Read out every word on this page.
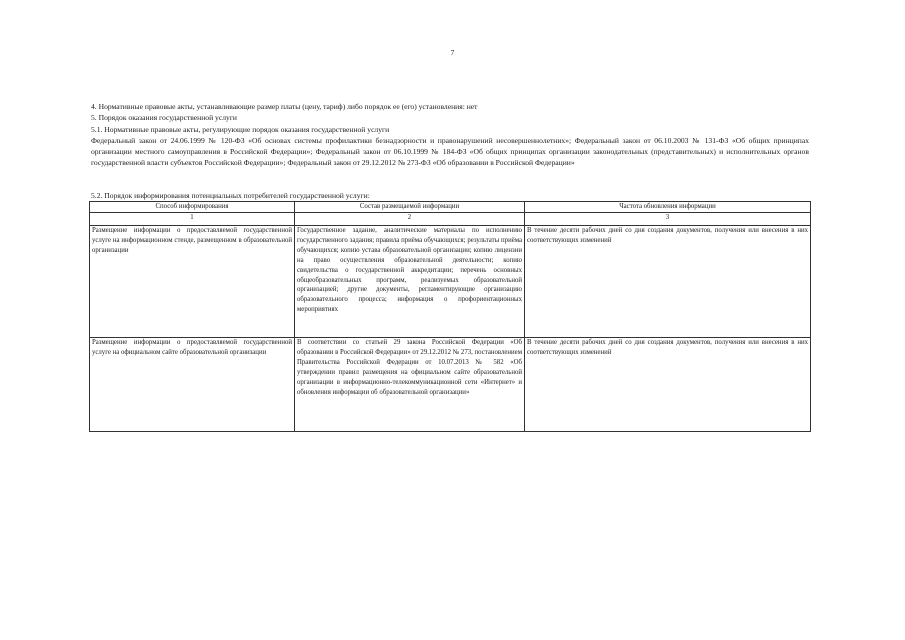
7

4. Нормативные правовые акты, устанавливающие размер платы (цену, тариф) либо порядок ее (его) установления: нет

5. Порядок оказания государственной услуги

5.1. Нормативные правовые акты, регулирующие порядок оказания государственной услуги

Федеральный закон от 24.06.1999 № 120-ФЗ «Об основах системы профилактики безнадзорности и правонарушений несовершеннолетних»; Федеральный закон от 06.10.2003 № 131-ФЗ «Об общих принципах организации местного самоуправления в Российской Федерации»; Федеральный закон от 06.10.1999 № 184-ФЗ «Об общих принципах организации законодательных (представительных) и исполнительных органов государственной власти субъектов Российской Федерации»; Федеральный закон от 29.12.2012 № 273-ФЗ «Об образовании в Российской Федерации»

5.2. Порядок информирования потенциальных потребителей государственной услуги:

Способ информирования	Состав размещаемой информации	Частота обновления информации
1	2	3
Размещение информации о предоставляемой государственной услуге на информационном стенде, размещенном в образовательной организации	Государственное задание, аналитические материалы по исполнению государственного задания; правила приёма обучающихся; результаты приёма обучающихся; копию устава образовательной организации; копию лицензии на право осуществления образовательной деятельности; копию свидетельства о государственной аккредитации; перечень основных общеобразовательных программ, реализуемых образовательной организацией; другие документы, регламентирующие организацию образовательного процесса; информация о профориентационных мероприятиях	В течение десяти рабочих дней со дня создания документов, получения или внесения в них соответствующих изменений
Размещение информации о предоставляемой государственной услуге на официальном сайте образовательной организации	В соответствии со статьей 29 закона Российской Федерации «Об образовании в Российской Федерации» от 29.12.2012 № 273, постановлением Правительства Российской Федерации от 10.07.2013 № 582 «Об утверждении правил размещения на официальном сайте образовательной организации в информационно-телекоммуникационной сети «Интернет» и обновления информации об образовательной организации»	В течение десяти рабочих дней со дня создания документов, получения или внесения в них соответствующих изменений
